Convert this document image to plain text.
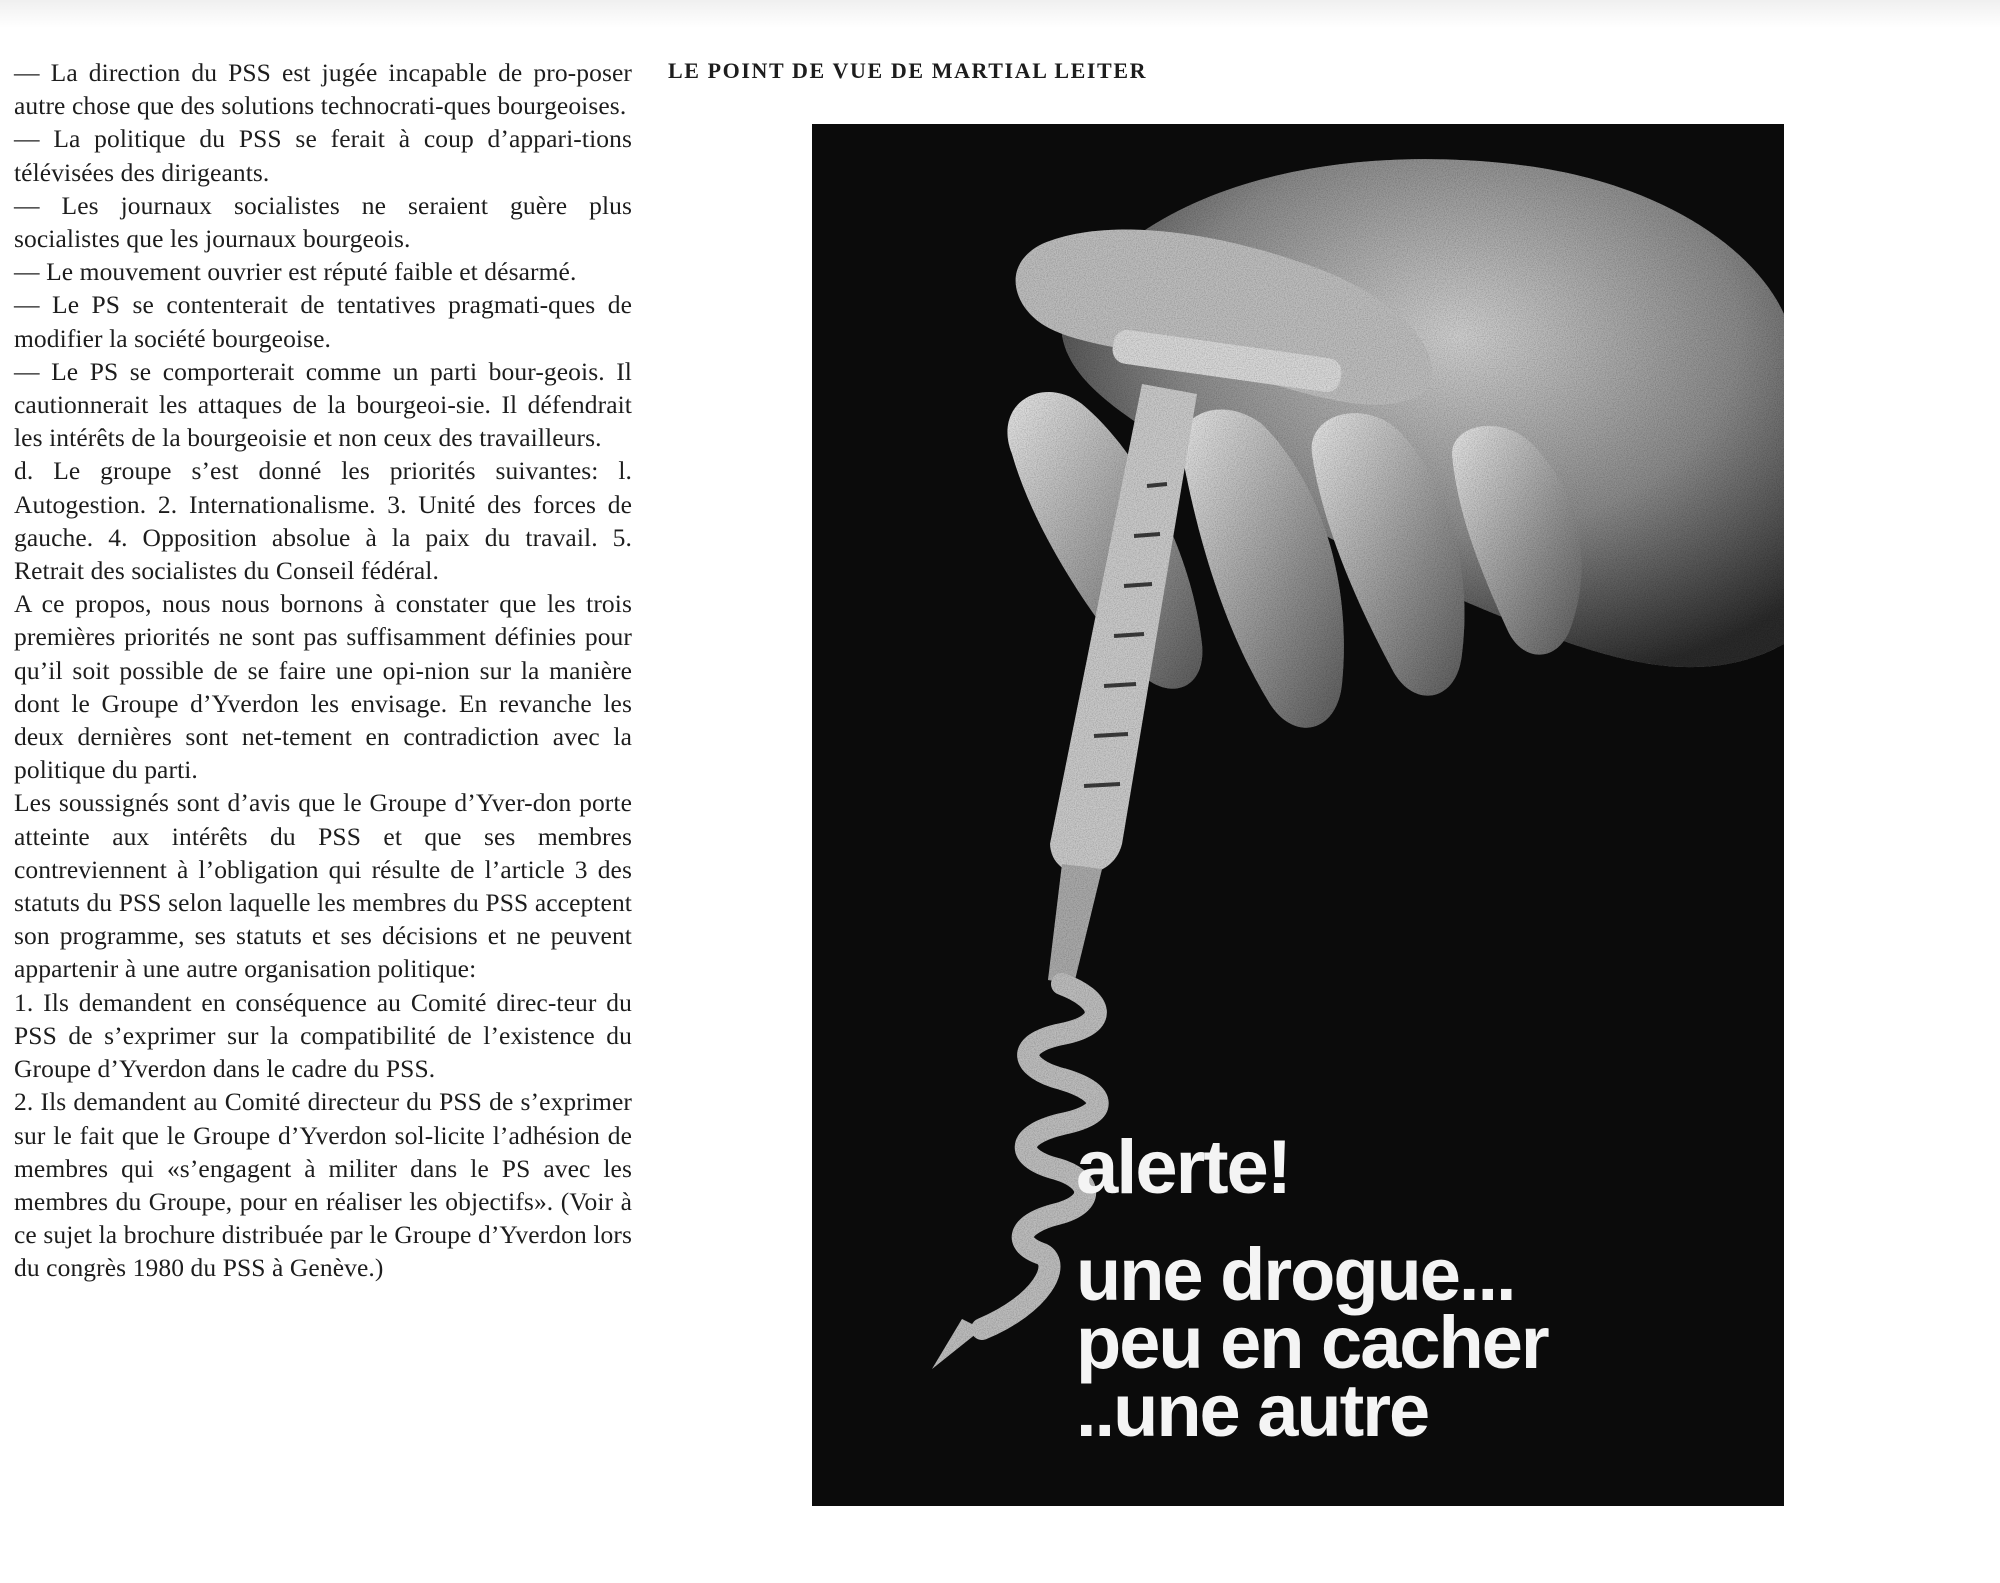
— La direction du PSS est jugée incapable de pro-poser autre chose que des solutions technocrati-ques bourgeoises.

— La politique du PSS se ferait à coup d’appari-tions télévisées des dirigeants.

— Les journaux socialistes ne seraient guère plus socialistes que les journaux bourgeois.

— Le mouvement ouvrier est réputé faible et désarmé.

— Le PS se contenterait de tentatives pragmati-ques de modifier la société bourgeoise.

— Le PS se comporterait comme un parti bour-geois. Il cautionnerait les attaques de la bourgeoi-sie. Il défendrait les intérêts de la bourgeoisie et non ceux des travailleurs.

d. Le groupe s’est donné les priorités suivantes: l. Autogestion. 2. Internationalisme. 3. Unité des forces de gauche. 4. Opposition absolue à la paix du travail. 5. Retrait des socialistes du Conseil fédéral.

A ce propos, nous nous bornons à constater que les trois premières priorités ne sont pas suffisamment définies pour qu’il soit possible de se faire une opi-nion sur la manière dont le Groupe d’Yverdon les envisage. En revanche les deux dernières sont net-tement en contradiction avec la politique du parti.

Les soussignés sont d’avis que le Groupe d’Yver-don porte atteinte aux intérêts du PSS et que ses membres contreviennent à l’obligation qui résulte de l’article 3 des statuts du PSS selon laquelle les membres du PSS acceptent son programme, ses statuts et ses décisions et ne peuvent appartenir à une autre organisation politique:

1. Ils demandent en conséquence au Comité direc-teur du PSS de s’exprimer sur la compatibilité de l’existence du Groupe d’Yverdon dans le cadre du PSS.

2. Ils demandent au Comité directeur du PSS de s’exprimer sur le fait que le Groupe d’Yverdon sol-licite l’adhésion de membres qui «s’engagent à militer dans le PS avec les membres du Groupe, pour en réaliser les objectifs». (Voir à ce sujet la brochure distribuée par le Groupe d’Yverdon lors du congrès 1980 du PSS à Genève.)

LE POINT DE VUE DE MARTIAL LEITER
alerte!
une drogue...
peu en cacher
..une autre
